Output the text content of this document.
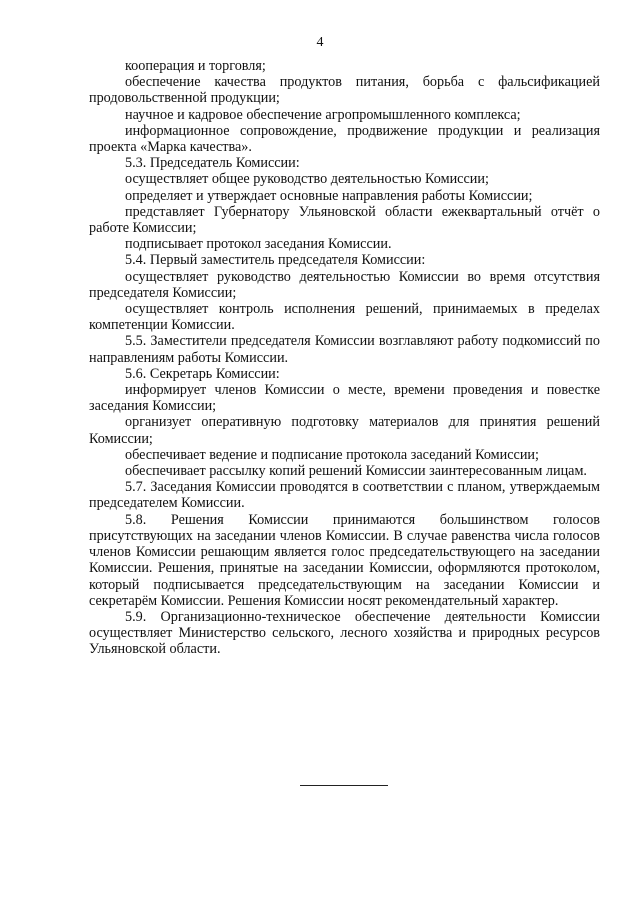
4

кооперация и торговля;

обеспечение качества продуктов питания, борьба с фальсификацией продовольственной продукции;

научное и кадровое обеспечение агропромышленного комплекса;

информационное сопровождение, продвижение продукции и реализация проекта «Марка качества».

5.3. Председатель Комиссии:

осуществляет общее руководство деятельностью Комиссии;

определяет и утверждает основные направления работы Комиссии;

представляет Губернатору Ульяновской области ежеквартальный отчёт о работе Комиссии;

подписывает протокол заседания Комиссии.

5.4. Первый заместитель председателя Комиссии:

осуществляет руководство деятельностью Комиссии во время отсутствия председателя Комиссии;

осуществляет контроль исполнения решений, принимаемых в пределах компетенции Комиссии.

5.5. Заместители председателя Комиссии возглавляют работу подкомиссий по направлениям работы Комиссии.

5.6. Секретарь Комиссии:

информирует членов Комиссии о месте, времени проведения и повестке заседания Комиссии;

организует оперативную подготовку материалов для принятия решений Комиссии;

обеспечивает ведение и подписание протокола заседаний Комиссии;

обеспечивает рассылку копий решений Комиссии заинтересованным лицам.

5.7. Заседания Комиссии проводятся в соответствии с планом, утверждаемым председателем Комиссии.

5.8. Решения Комиссии принимаются большинством голосов присутствующих на заседании членов Комиссии. В случае равенства числа голосов членов Комиссии решающим является голос председательствующего на заседании Комиссии. Решения, принятые на заседании Комиссии, оформляются протоколом, который подписывается председательствующим на заседании Комиссии и секретарём Комиссии. Решения Комиссии носят рекомендательный характер.

5.9. Организационно-техническое обеспечение деятельности Комиссии осуществляет Министерство сельского, лесного хозяйства и природных ресурсов Ульяновской области.
